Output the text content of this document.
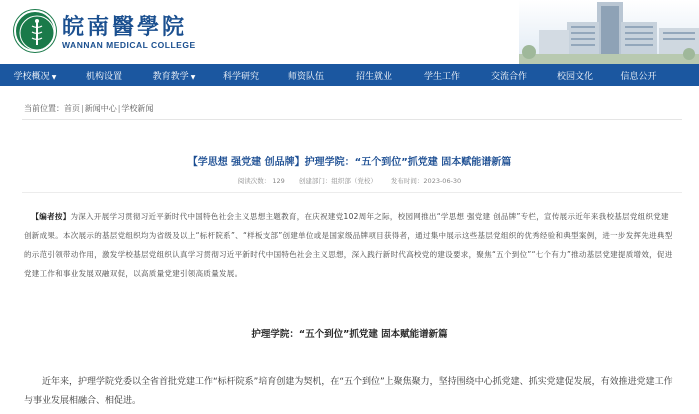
皖南醫學院
WANNAN MEDICAL COLLEGE
学校概况 ▼	机构设置	教育教学 ▼	科学研究	师资队伍	招生就业	学生工作	交流合作	校园文化	信息公开
当前位置：首页|新闻中心|学校新闻
【学思想 强党建 创品牌】护理学院：“五个到位”抓党建 固本赋能谱新篇
阅读次数： 129 创建部门：组织部（党校） 发布时间：2023-06-30
【编者按】为深入开展学习贯彻习近平新时代中国特色社会主义思想主题教育，在庆祝建党102周年之际，校园网推出“学思想 强党建 创品牌”专栏，宣传展示近年来我校基层党组织党建创新成果。本次展示的基层党组织均为省级及以上“标杆院系”、“样板支部”创建单位或是国家级品牌项目获得者，通过集中展示这些基层党组织的优秀经验和典型案例，进一步发挥先进典型的示范引领带动作用，激发学校基层党组织认真学习贯彻习近平新时代中国特色社会主义思想，深入践行新时代高校党的建设要求，聚焦“五个到位”“七个有力”推动基层党建提质增效，促进党建工作和事业发展双融双促，以高质量党建引领高质量发展。
护理学院：“五个到位”抓党建 固本赋能谱新篇
近年来，护理学院党委以全省首批党建工作“标杆院系”培育创建为契机，在“五个到位”上聚焦聚力，坚持围绕中心抓党建、抓实党建促发展，有效推进党建工作与事业发展相融合、相促进。
